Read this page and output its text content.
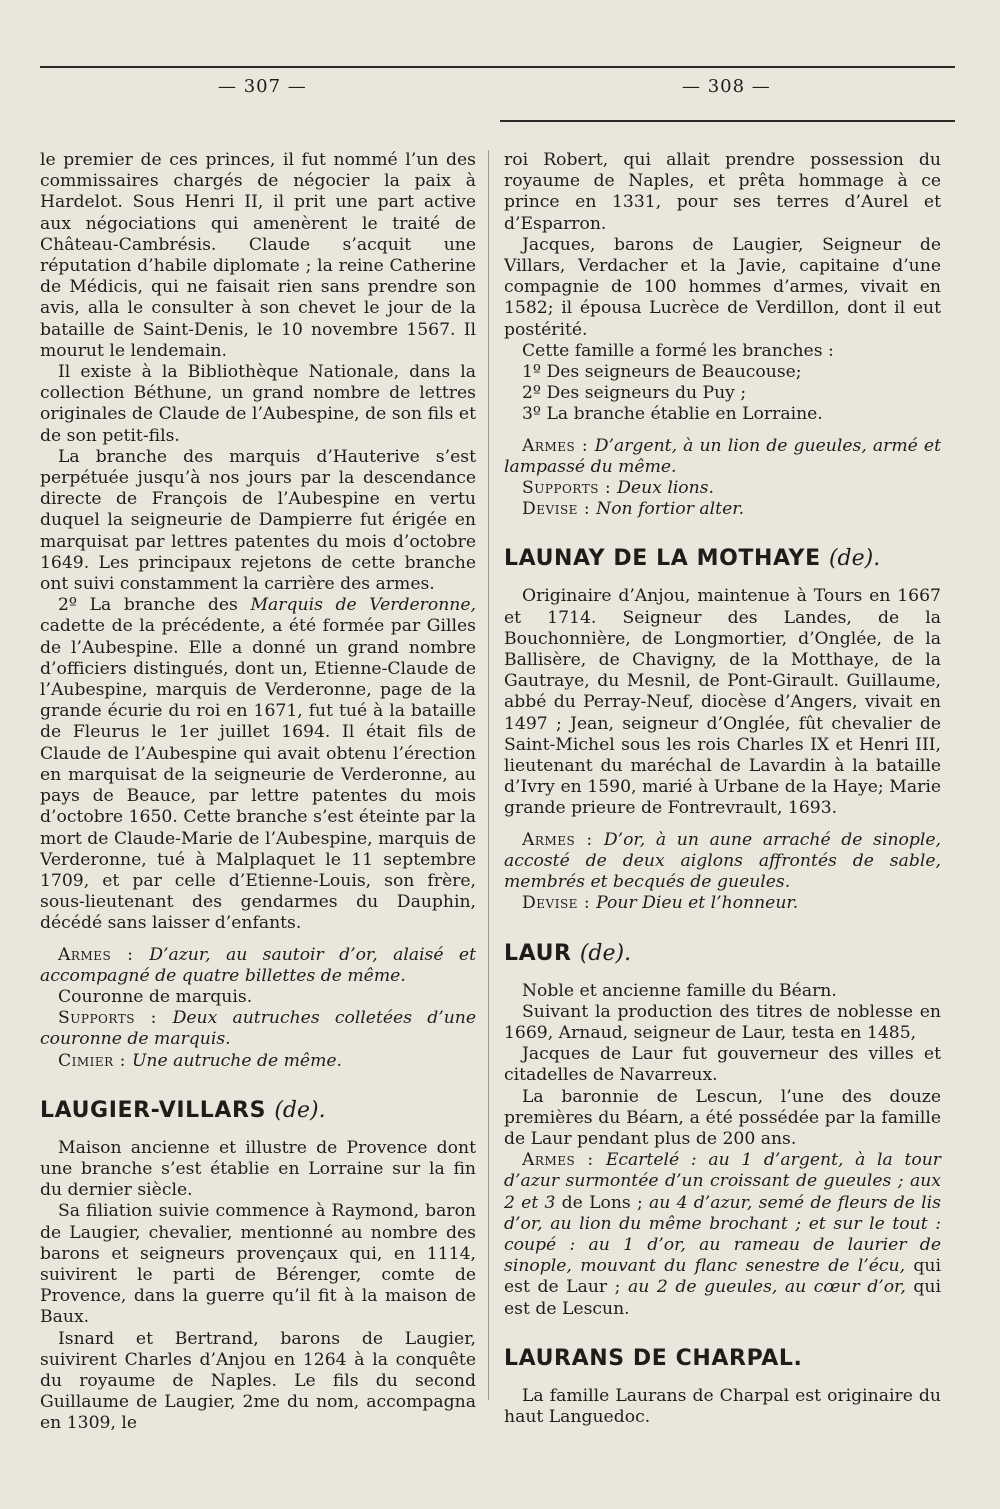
— 307 —	— 308 —

le premier de ces princes, il fut nommé l’un des commissaires chargés de négocier la paix à Hardelot. Sous Henri II, il prit une part active aux négociations qui amenèrent le traité de Château-Cambrésis. Claude s’acquit une réputation d’habile diplomate ; la reine Catherine de Médicis, qui ne faisait rien sans prendre son avis, alla le consulter à son chevet le jour de la bataille de Saint-Denis, le 10 novembre 1567. Il mourut le lendemain.

Il existe à la Bibliothèque Nationale, dans la collection Béthune, un grand nombre de lettres originales de Claude de l’Aubespine, de son fils et de son petit-fils.

La branche des marquis d’Hauterive s’est perpétuée jusqu’à nos jours par la descendance directe de François de l’Aubespine en vertu duquel la seigneurie de Dampierre fut érigée en marquisat par lettres patentes du mois d’octobre 1649. Les principaux rejetons de cette branche ont suivi constamment la carrière des armes.

2º La branche des Marquis de Verderonne, cadette de la précédente, a été formée par Gilles de l’Aubespine. Elle a donné un grand nombre d’officiers distingués, dont un, Etienne-Claude de l’Aubespine, marquis de Verderonne, page de la grande écurie du roi en 1671, fut tué à la bataille de Fleurus le 1er juillet 1694. Il était fils de Claude de l’Aubespine qui avait obtenu l’érection en marquisat de la seigneurie de Verderonne, au pays de Beauce, par lettre patentes du mois d’octobre 1650. Cette branche s’est éteinte par la mort de Claude-Marie de l’Aubespine, marquis de Verderonne, tué à Malplaquet le 11 septembre 1709, et par celle d’Etienne-Louis, son frère, sous-lieutenant des gendarmes du Dauphin, décédé sans laisser d’enfants.

Armes : D’azur, au sautoir d’or, alaisé et accompagné de quatre billettes de même.

Couronne de marquis.

Supports : Deux autruches colletées d’une couronne de marquis.

Cimier : Une autruche de même.

LAUGIER-VILLARS (de).

Maison ancienne et illustre de Provence dont une branche s’est établie en Lorraine sur la fin du dernier siècle.

Sa filiation suivie commence à Raymond, baron de Laugier, chevalier, mentionné au nombre des barons et seigneurs provençaux qui, en 1114, suivirent le parti de Bérenger, comte de Provence, dans la guerre qu’il fit à la maison de Baux.

Isnard et Bertrand, barons de Laugier, suivirent Charles d’Anjou en 1264 à la conquête du royaume de Naples. Le fils du second Guillaume de Laugier, 2me du nom, accompagna en 1309, le

roi Robert, qui allait prendre possession du royaume de Naples, et prêta hommage à ce prince en 1331, pour ses terres d’Aurel et d’Esparron.

Jacques, barons de Laugier, Seigneur de Villars, Verdacher et la Javie, capitaine d’une compagnie de 100 hommes d’armes, vivait en 1582; il épousa Lucrèce de Verdillon, dont il eut postérité.

Cette famille a formé les branches :

1º Des seigneurs de Beaucouse;

2º Des seigneurs du Puy ;

3º La branche établie en Lorraine.

Armes : D’argent, à un lion de gueules, armé et lampassé du même.

Supports : Deux lions.

Devise : Non fortior alter.

LAUNAY DE LA MOTHAYE (de).

Originaire d’Anjou, maintenue à Tours en 1667 et 1714. Seigneur des Landes, de la Bouchonnière, de Longmortier, d’Onglée, de la Ballisère, de Chavigny, de la Motthaye, de la Gautraye, du Mesnil, de Pont-Girault. Guillaume, abbé du Perray-Neuf, diocèse d’Angers, vivait en 1497 ; Jean, seigneur d’Onglée, fût chevalier de Saint-Michel sous les rois Charles IX et Henri III, lieutenant du maréchal de Lavardin à la bataille d’Ivry en 1590, marié à Urbane de la Haye; Marie grande prieure de Fontrevrault, 1693.

Armes : D’or, à un aune arraché de sinople, accosté de deux aiglons affrontés de sable, membrés et becqués de gueules.

Devise : Pour Dieu et l’honneur.

LAUR (de).

Noble et ancienne famille du Béarn.

Suivant la production des titres de noblesse en 1669, Arnaud, seigneur de Laur, testa en 1485,

Jacques de Laur fut gouverneur des villes et citadelles de Navarreux.

La baronnie de Lescun, l’une des douze premières du Béarn, a été possédée par la famille de Laur pendant plus de 200 ans.

Armes : Ecartelé : au 1 d’argent, à la tour d’azur surmontée d’un croissant de gueules ; aux 2 et 3 de Lons ; au 4 d’azur, semé de fleurs de lis d’or, au lion du même brochant ; et sur le tout : coupé : au 1 d’or, au rameau de laurier de sinople, mouvant du flanc senestre de l’écu, qui est de Laur ; au 2 de gueules, au cœur d’or, qui est de Lescun.

LAURANS DE CHARPAL.

La famille Laurans de Charpal est originaire du haut Languedoc.
